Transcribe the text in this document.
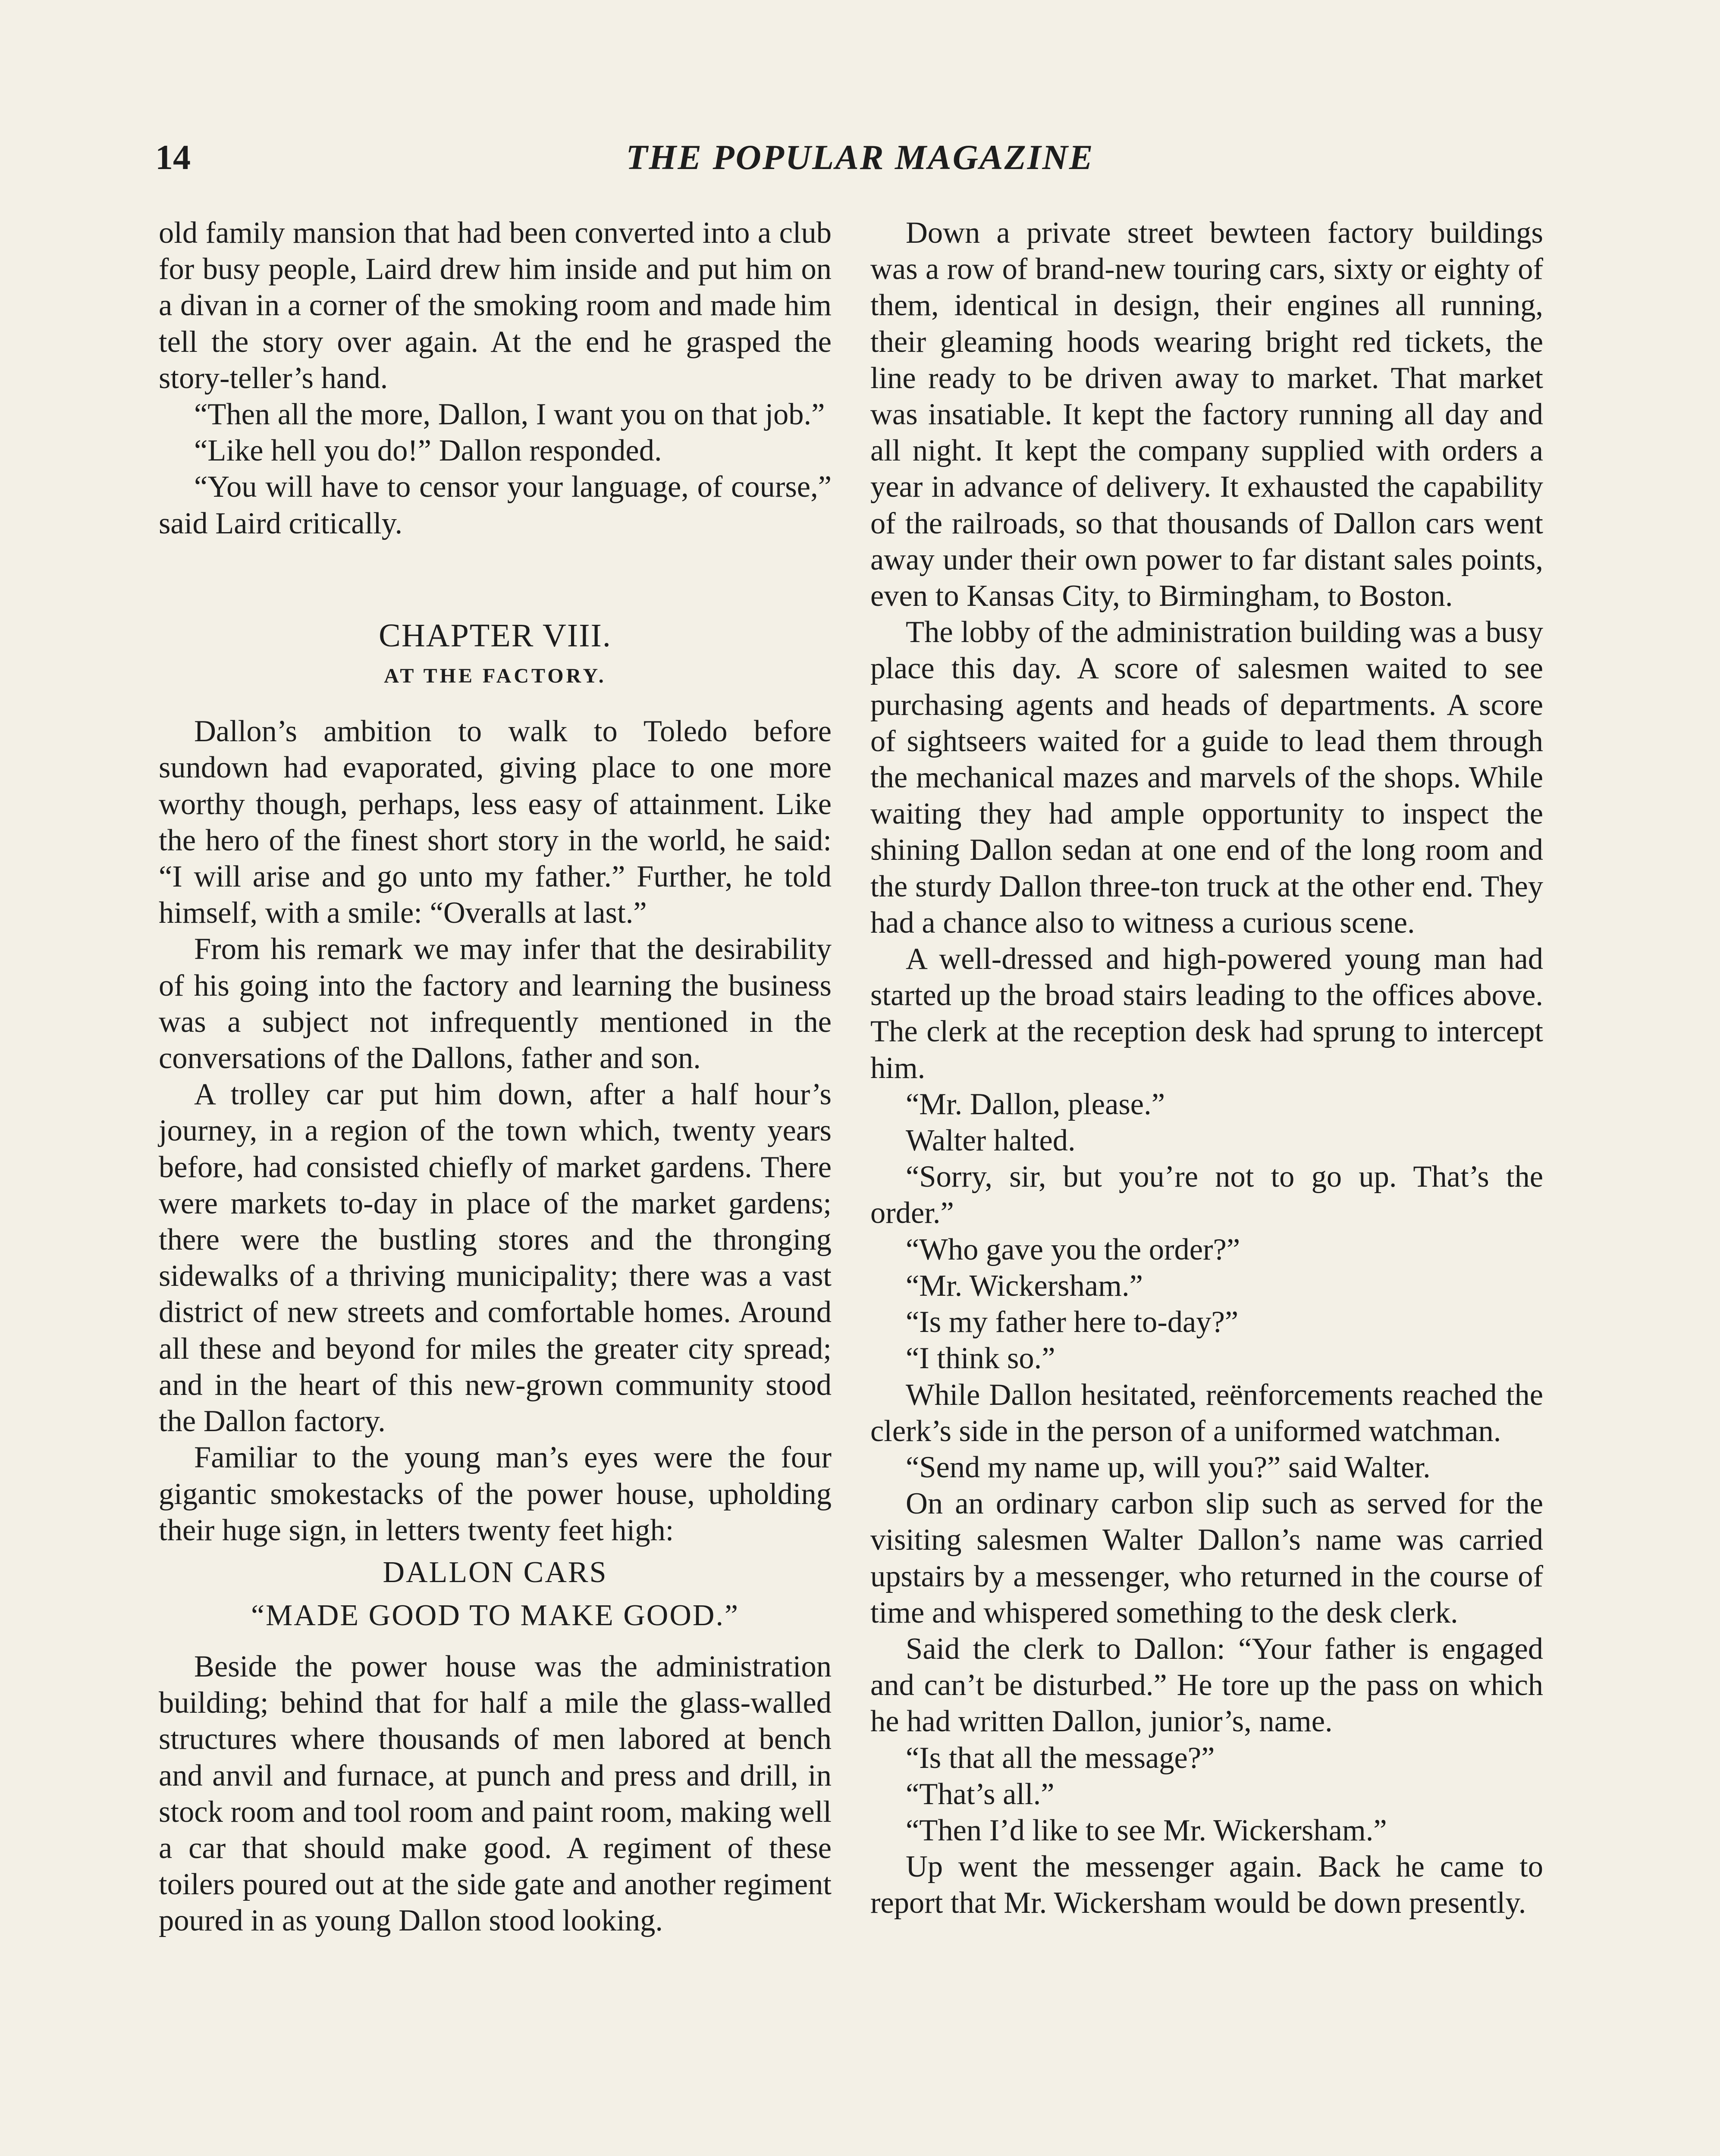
14	THE POPULAR MAGAZINE

old family mansion that had been converted into a club for busy people, Laird drew him inside and put him on a divan in a corner of the smoking room and made him tell the story over again. At the end he grasped the story-teller’s hand.

“Then all the more, Dallon, I want you on that job.”

“Like hell you do!” Dallon responded.

“You will have to censor your language, of course,” said Laird critically.

CHAPTER VIII.
AT THE FACTORY.

Dallon’s ambition to walk to Toledo before sundown had evaporated, giving place to one more worthy though, perhaps, less easy of attainment. Like the hero of the finest short story in the world, he said: “I will arise and go unto my father.” Further, he told himself, with a smile: “Overalls at last.”

From his remark we may infer that the desirability of his going into the factory and learning the business was a subject not infrequently mentioned in the conversations of the Dallons, father and son.

A trolley car put him down, after a half hour’s journey, in a region of the town which, twenty years before, had consisted chiefly of market gardens. There were markets to-day in place of the market gardens; there were the bustling stores and the thronging sidewalks of a thriving municipality; there was a vast district of new streets and comfortable homes. Around all these and beyond for miles the greater city spread; and in the heart of this new-grown community stood the Dallon factory.

Familiar to the young man’s eyes were the four gigantic smokestacks of the power house, upholding their huge sign, in letters twenty feet high:

DALLON CARS
“MADE GOOD TO MAKE GOOD.”

Beside the power house was the administration building; behind that for half a mile the glass-walled structures where thousands of men labored at bench and anvil and furnace, at punch and press and drill, in stock room and tool room and paint room, making well a car that should make good. A regiment of these toilers poured out at the side gate and another regiment poured in as young Dallon stood looking.

Down a private street bewteen factory buildings was a row of brand-new touring cars, sixty or eighty of them, identical in design, their engines all running, their gleaming hoods wearing bright red tickets, the line ready to be driven away to market. That market was insatiable. It kept the factory running all day and all night. It kept the company supplied with orders a year in advance of delivery. It exhausted the capability of the railroads, so that thousands of Dallon cars went away under their own power to far distant sales points, even to Kansas City, to Birmingham, to Boston.

The lobby of the administration building was a busy place this day. A score of salesmen waited to see purchasing agents and heads of departments. A score of sightseers waited for a guide to lead them through the mechanical mazes and marvels of the shops. While waiting they had ample opportunity to inspect the shining Dallon sedan at one end of the long room and the sturdy Dallon three-ton truck at the other end. They had a chance also to witness a curious scene.

A well-dressed and high-powered young man had started up the broad stairs leading to the offices above. The clerk at the reception desk had sprung to intercept him.

“Mr. Dallon, please.”

Walter halted.

“Sorry, sir, but you’re not to go up. That’s the order.”

“Who gave you the order?”

“Mr. Wickersham.”

“Is my father here to-day?”

“I think so.”

While Dallon hesitated, reënforcements reached the clerk’s side in the person of a uniformed watchman.

“Send my name up, will you?” said Walter.

On an ordinary carbon slip such as served for the visiting salesmen Walter Dallon’s name was carried upstairs by a messenger, who returned in the course of time and whispered something to the desk clerk.

Said the clerk to Dallon: “Your father is engaged and can’t be disturbed.” He tore up the pass on which he had written Dallon, junior’s, name.

“Is that all the message?”

“That’s all.”

“Then I’d like to see Mr. Wickersham.”

Up went the messenger again. Back he came to report that Mr. Wickersham would be down presently.
